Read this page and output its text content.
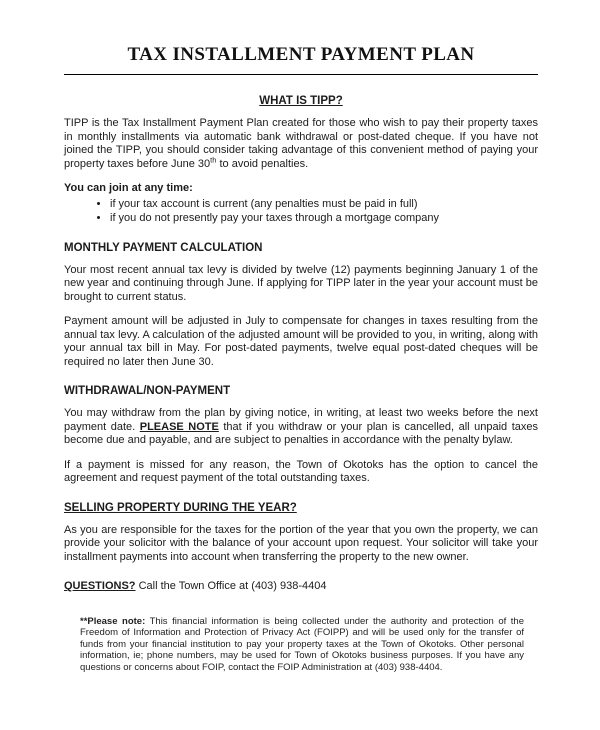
TAX INSTALLMENT PAYMENT PLAN
WHAT IS TIPP?

TIPP is the Tax Installment Payment Plan created for those who wish to pay their property taxes in monthly installments via automatic bank withdrawal or post-dated cheque. If you have not joined the TIPP, you should consider taking advantage of this convenient method of paying your property taxes before June 30th to avoid penalties.

You can join at any time:

• if your tax account is current (any penalties must be paid in full)
• if you do not presently pay your taxes through a mortgage company
MONTHLY PAYMENT CALCULATION

Your most recent annual tax levy is divided by twelve (12) payments beginning January 1 of the new year and continuing through June. If applying for TIPP later in the year your account must be brought to current status.

Payment amount will be adjusted in July to compensate for changes in taxes resulting from the annual tax levy. A calculation of the adjusted amount will be provided to you, in writing, along with your annual tax bill in May. For post-dated payments, twelve equal post-dated cheques will be required no later then June 30.

WITHDRAWAL/NON-PAYMENT

You may withdraw from the plan by giving notice, in writing, at least two weeks before the next payment date. PLEASE NOTE that if you withdraw or your plan is cancelled, all unpaid taxes become due and payable, and are subject to penalties in accordance with the penalty bylaw.

If a payment is missed for any reason, the Town of Okotoks has the option to cancel the agreement and request payment of the total outstanding taxes.

SELLING PROPERTY DURING THE YEAR?

As you are responsible for the taxes for the portion of the year that you own the property, we can provide your solicitor with the balance of your account upon request. Your solicitor will take your installment payments into account when transferring the property to the new owner.

QUESTIONS? Call the Town Office at (403) 938-4404

**Please note: This financial information is being collected under the authority and protection of the Freedom of Information and Protection of Privacy Act (FOIPP) and will be used only for the transfer of funds from your financial institution to pay your property taxes at the Town of Okotoks. Other personal information, ie; phone numbers, may be used for Town of Okotoks business purposes. If you have any questions or concerns about FOIP, contact the FOIP Administration at (403) 938-4404.
